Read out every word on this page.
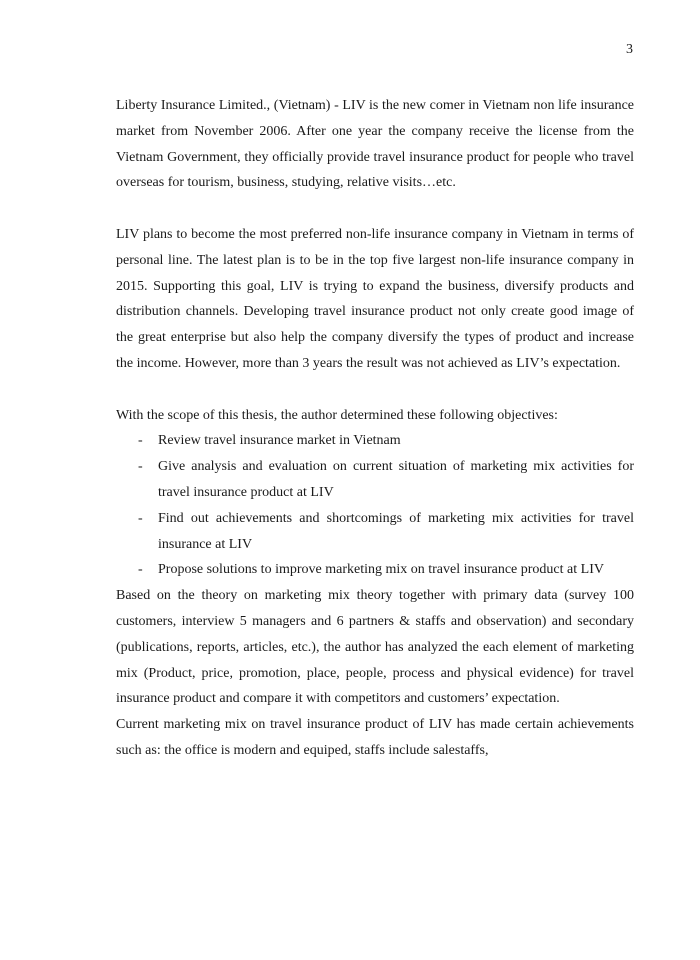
3

Liberty Insurance Limited., (Vietnam) - LIV is the new comer in Vietnam non life insurance market from November 2006. After one year the company receive the license from the Vietnam Government, they officially provide travel insurance product for people who travel overseas for tourism, business, studying, relative visits…etc.

LIV plans to become the most preferred non-life insurance company in Vietnam in terms of personal line. The latest plan is to be in the top five largest non-life insurance company in 2015. Supporting this goal, LIV is trying to expand the business, diversify products and distribution channels. Developing travel insurance product not only create good image of the great enterprise but also help the company diversify the types of product and increase the income. However, more than 3 years the result was not achieved as LIV’s expectation.

With the scope of this thesis, the author determined these following objectives:

- Review travel insurance market in Vietnam
- Give analysis and evaluation on current situation of marketing mix activities for travel insurance product at LIV
- Find out achievements and shortcomings of marketing mix activities for travel insurance at LIV
- Propose solutions to improve marketing mix on travel insurance product at LIV

Based on the theory on marketing mix theory together with primary data (survey 100 customers, interview 5 managers and 6 partners & staffs and observation) and secondary (publications, reports, articles, etc.), the author has analyzed the each element of marketing mix (Product, price, promotion, place, people, process and physical evidence) for travel insurance product and compare it with competitors and customers’ expectation.

Current marketing mix on travel insurance product of LIV has made certain achievements such as: the office is modern and equiped, staffs include salestaffs,
